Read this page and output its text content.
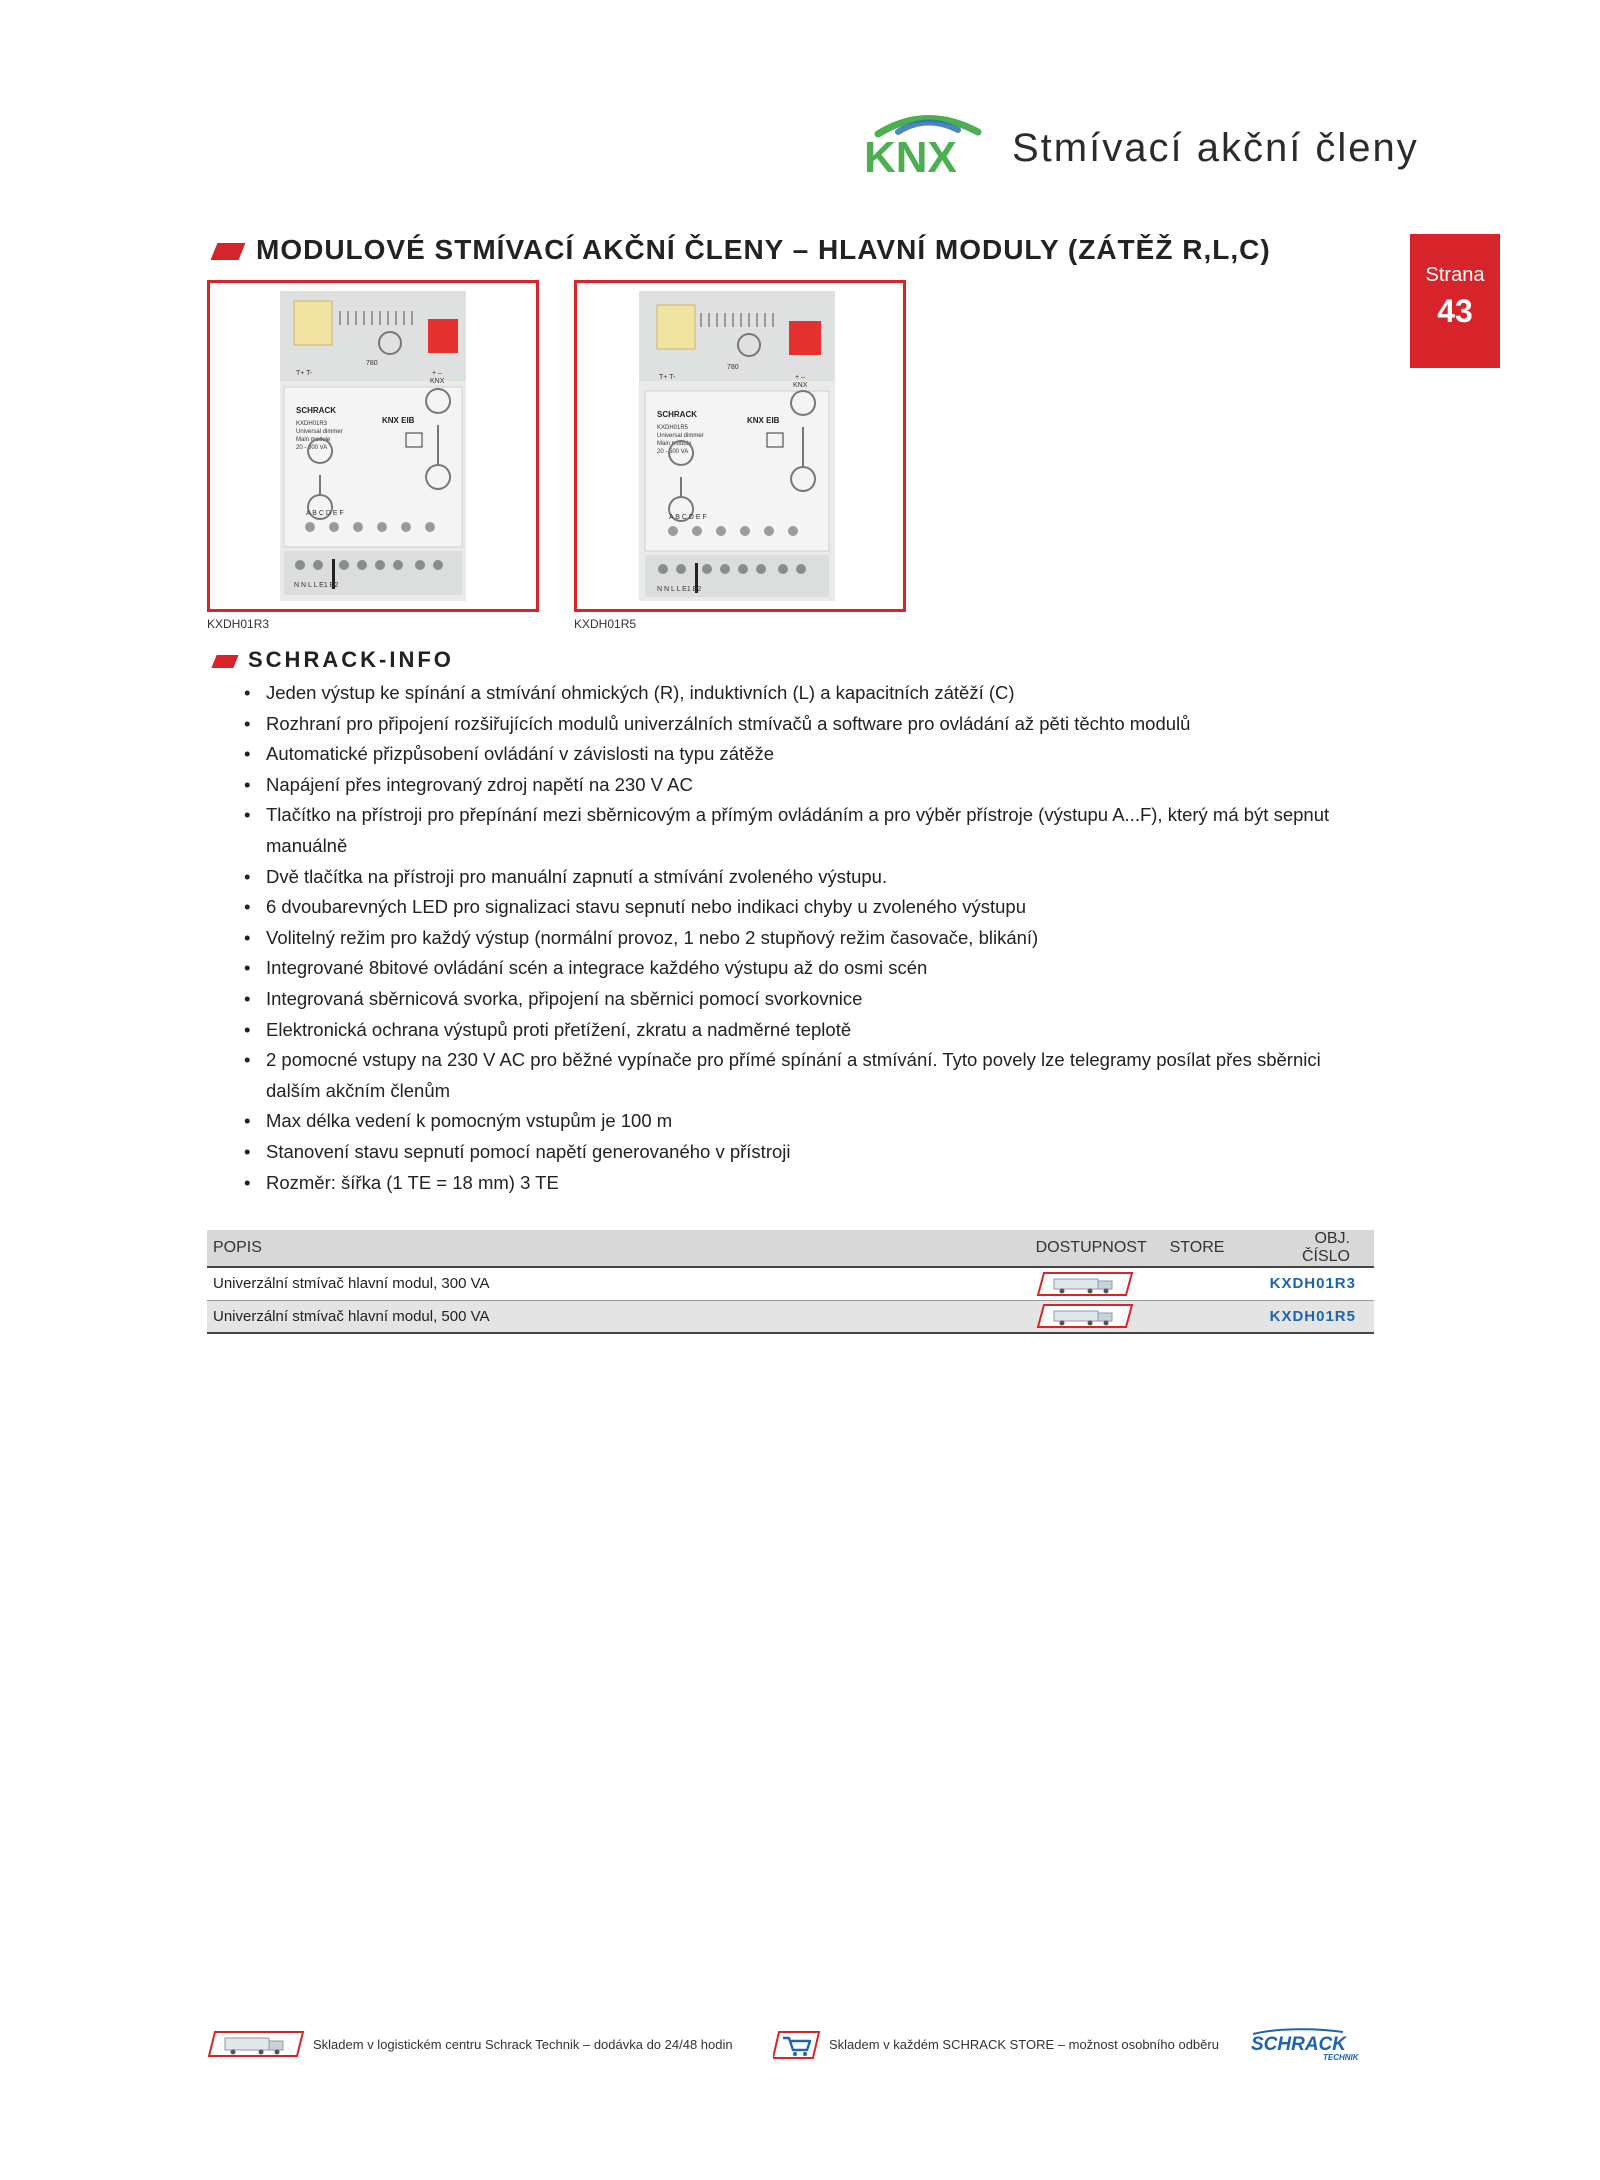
KNX Stmívací akční členy
Strana
43
MODULOVÉ STMÍVACÍ AKČNÍ ČLENY – HLAVNÍ MODULY (ZÁTĚŽ R,L,C)
T+ T-
780
+ –
KNX
SCHRACK
KXDH01R3
Universal dimmer
Main module
20 - 300 VA
KNX EIB
A B C D E F
N N L L E1 E2
T+ T-
780
+ –
KNX
SCHRACK
KXDH01R5
Universal dimmer
Main module
20 - 500 VA
KNX EIB
A B C D E F
N N L L E1 E2
KXDH01R3	KXDH01R5
SCHRACK-INFO
• Jeden výstup ke spínání a stmívání ohmických (R), induktivních (L) a kapacitních zátěží (C)
• Rozhraní pro připojení rozšiřujících modulů univerzálních stmívačů a software pro ovládání až pěti těchto modulů
• Automatické přizpůsobení ovládání v závislosti na typu zátěže
• Napájení přes integrovaný zdroj napětí na 230 V AC
• Tlačítko na přístroji pro přepínání mezi sběrnicovým a přímým ovládáním a pro výběr přístroje (výstupu A...F), který má být sepnut manuálně
• Dvě tlačítka na přístroji pro manuální zapnutí a stmívání zvoleného výstupu.
• 6 dvoubarevných LED pro signalizaci stavu sepnutí nebo indikaci chyby u zvoleného výstupu
• Volitelný režim pro každý výstup (normální provoz, 1 nebo 2 stupňový režim časovače, blikání)
• Integrované 8bitové ovládání scén a integrace každého výstupu až do osmi scén
• Integrovaná sběrnicová svorka, připojení na sběrnici pomocí svorkovnice
• Elektronická ochrana výstupů proti přetížení, zkratu a nadměrné teplotě
• 2 pomocné vstupy na 230 V AC pro běžné vypínače pro přímé spínání a stmívání. Tyto povely lze telegramy posílat přes sběrnici dalším akčním členům
• Max délka vedení k pomocným vstupům je 100 m
• Stanovení stavu sepnutí pomocí napětí generovaného v přístroji
• Rozměr: šířka (1 TE = 18 mm) 3 TE
POPIS	DOSTUPNOST	STORE	OBJ. ČÍSLO
Univerzální stmívač hlavní modul, 300 VA			KXDH01R3
Univerzální stmívač hlavní modul, 500 VA			KXDH01R5
Skladem v logistickém centru Schrack Technik – dodávka do 24/48 hodin	Skladem v každém SCHRACK STORE – možnost osobního odběru SCHRACK
TECHNIK
